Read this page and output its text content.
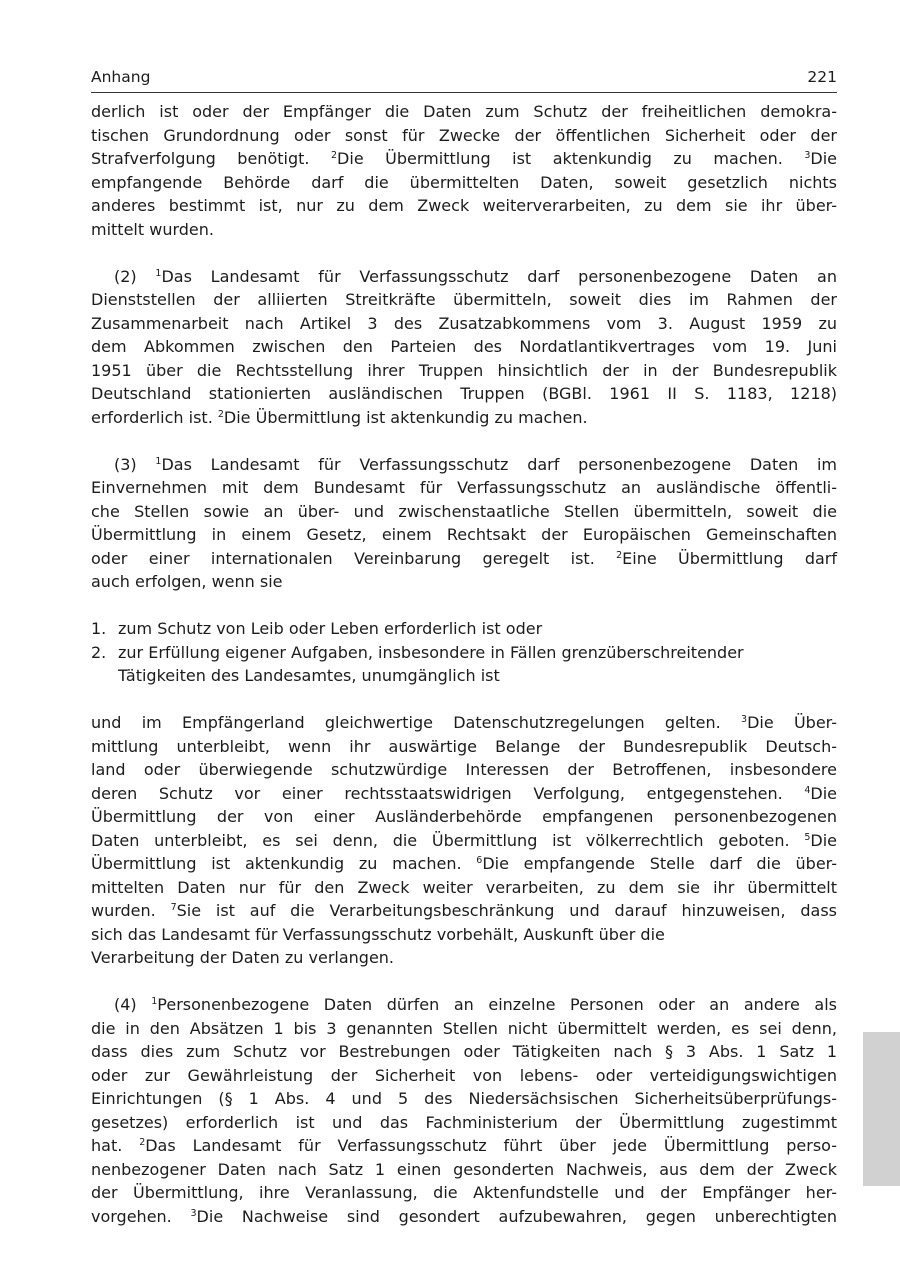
Anhang	221
derlich ist oder der Empfänger die Daten zum Schutz der freiheitlichen demokra-
tischen Grundordnung oder sonst für Zwecke der öffentlichen Sicherheit oder der
Strafverfolgung benötigt. $^2$Die Übermittlung ist aktenkundig zu machen. $^3$Die
empfangende Behörde darf die übermittelten Daten, soweit gesetzlich nichts
anderes bestimmt ist, nur zu dem Zweck weiterverarbeiten, zu dem sie ihr über-
mittelt wurden.
(2) $^1$Das Landesamt für Verfassungsschutz darf personenbezogene Daten an
Dienststellen der alliierten Streitkräfte übermitteln, soweit dies im Rahmen der
Zusammenarbeit nach Artikel 3 des Zusatzabkommens vom 3. August 1959 zu
dem Abkommen zwischen den Parteien des Nordatlantikvertrages vom 19. Juni
1951 über die Rechtsstellung ihrer Truppen hinsichtlich der in der Bundesrepublik
Deutschland stationierten ausländischen Truppen (BGBl. 1961 II S. 1183, 1218)
erforderlich ist. $^2$Die Übermittlung ist aktenkundig zu machen.
(3) $^1$Das Landesamt für Verfassungsschutz darf personenbezogene Daten im
Einvernehmen mit dem Bundesamt für Verfassungsschutz an ausländische öffentli-
che Stellen sowie an über- und zwischenstaatliche Stellen übermitteln, soweit die
Übermittlung in einem Gesetz, einem Rechtsakt der Europäischen Gemeinschaften
oder einer internationalen Vereinbarung geregelt ist. $^2$Eine Übermittlung darf
auch erfolgen, wenn sie
1. zum Schutz von Leib oder Leben erforderlich ist oder
2. zur Erfüllung eigener Aufgaben, insbesondere in Fällen grenzüberschreitender
Tätigkeiten des Landesamtes, unumgänglich ist
und im Empfängerland gleichwertige Datenschutzregelungen gelten. $^3$Die Über-
mittlung unterbleibt, wenn ihr auswärtige Belange der Bundesrepublik Deutsch-
land oder überwiegende schutzwürdige Interessen der Betroffenen, insbesondere
deren Schutz vor einer rechtsstaatswidrigen Verfolgung, entgegenstehen. $^4$Die
Übermittlung der von einer Ausländerbehörde empfangenen personenbezogenen
Daten unterbleibt, es sei denn, die Übermittlung ist völkerrechtlich geboten. $^5$Die
Übermittlung ist aktenkundig zu machen. $^6$Die empfangende Stelle darf die über-
mittelten Daten nur für den Zweck weiter verarbeiten, zu dem sie ihr übermittelt
wurden. $^7$Sie ist auf die Verarbeitungsbeschränkung und darauf hinzuweisen, dass
sich das Landesamt für Verfassungsschutz vorbehält, Auskunft über die
Verarbeitung der Daten zu verlangen.
(4) $^1$Personenbezogene Daten dürfen an einzelne Personen oder an andere als
die in den Absätzen 1 bis 3 genannten Stellen nicht übermittelt werden, es sei denn,
dass dies zum Schutz vor Bestrebungen oder Tätigkeiten nach § 3 Abs. 1 Satz 1
oder zur Gewährleistung der Sicherheit von lebens- oder verteidigungswichtigen
Einrichtungen (§ 1 Abs. 4 und 5 des Niedersächsischen Sicherheitsüberprüfungs-
gesetzes) erforderlich ist und das Fachministerium der Übermittlung zugestimmt
hat. $^2$Das Landesamt für Verfassungsschutz führt über jede Übermittlung perso-
nenbezogener Daten nach Satz 1 einen gesonderten Nachweis, aus dem der Zweck
der Übermittlung, ihre Veranlassung, die Aktenfundstelle und der Empfänger her-
vorgehen. $^3$Die Nachweise sind gesondert aufzubewahren, gegen unberechtigten
